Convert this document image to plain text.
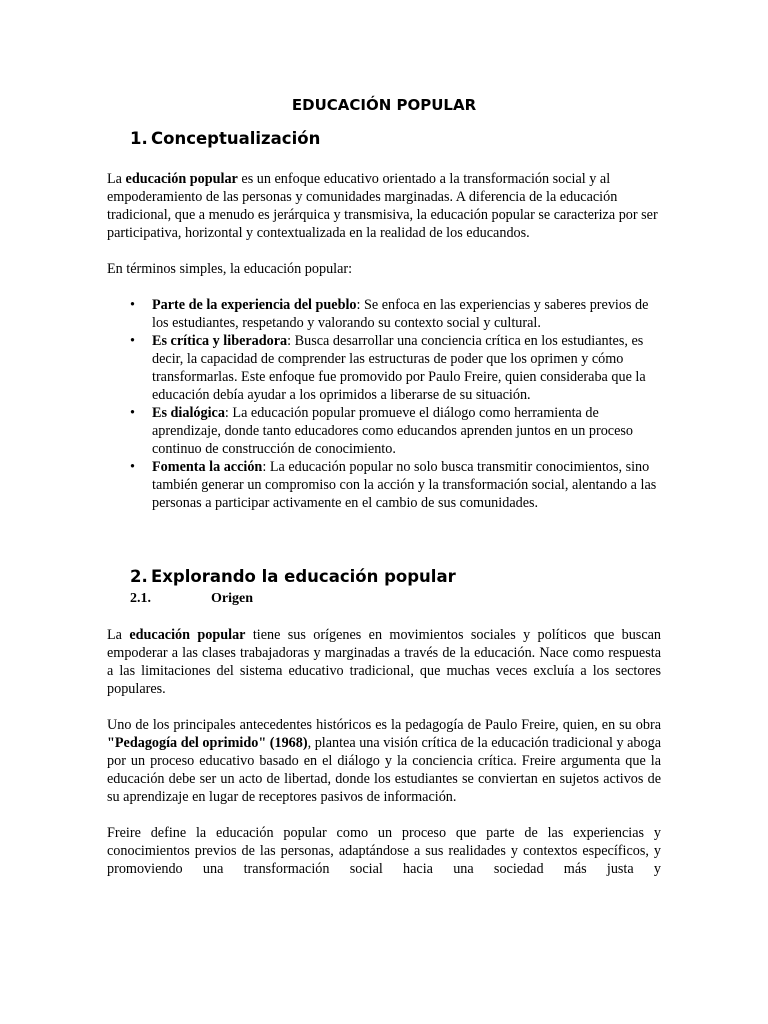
EDUCACIÓN POPULAR
1. Conceptualización

La educación popular es un enfoque educativo orientado a la transformación social y al empoderamiento de las personas y comunidades marginadas. A diferencia de la educación tradicional, que a menudo es jerárquica y transmisiva, la educación popular se caracteriza por ser participativa, horizontal y contextualizada en la realidad de los educandos.

En términos simples, la educación popular:

• Parte de la experiencia del pueblo: Se enfoca en las experiencias y saberes previos de los estudiantes, respetando y valorando su contexto social y cultural.
• Es crítica y liberadora: Busca desarrollar una conciencia crítica en los estudiantes, es decir, la capacidad de comprender las estructuras de poder que los oprimen y cómo transformarlas. Este enfoque fue promovido por Paulo Freire, quien consideraba que la educación debía ayudar a los oprimidos a liberarse de su situación.
• Es dialógica: La educación popular promueve el diálogo como herramienta de aprendizaje, donde tanto educadores como educandos aprenden juntos en un proceso continuo de construcción de conocimiento.
• Fomenta la acción: La educación popular no solo busca transmitir conocimientos, sino también generar un compromiso con la acción y la transformación social, alentando a las personas a participar activamente en el cambio de sus comunidades.
2. Explorando la educación popular
2.1.	Origen

La educación popular tiene sus orígenes en movimientos sociales y políticos que buscan empoderar a las clases trabajadoras y marginadas a través de la educación. Nace como respuesta a las limitaciones del sistema educativo tradicional, que muchas veces excluía a los sectores populares.

Uno de los principales antecedentes históricos es la pedagogía de Paulo Freire, quien, en su obra "Pedagogía del oprimido" (1968), plantea una visión crítica de la educación tradicional y aboga por un proceso educativo basado en el diálogo y la conciencia crítica. Freire argumenta que la educación debe ser un acto de libertad, donde los estudiantes se conviertan en sujetos activos de su aprendizaje en lugar de receptores pasivos de información.

Freire define la educación popular como un proceso que parte de las experiencias y conocimientos previos de las personas, adaptándose a sus realidades y contextos específicos, y promoviendo una transformación social hacia una sociedad más justa y
